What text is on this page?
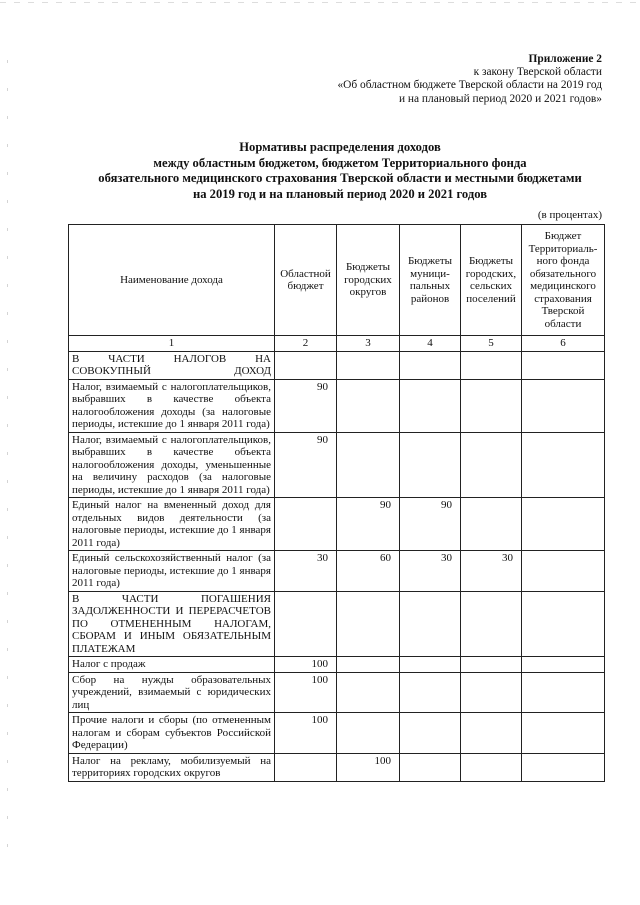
Приложение 2
к закону Тверской области
«Об областном бюджете Тверской области на 2019 год
и на плановый период 2020 и 2021 годов»
Нормативы распределения доходов
между областным бюджетом, бюджетом Территориального фонда
обязательного медицинского страхования Тверской области и местными бюджетами
на 2019 год и на плановый период 2020 и 2021 годов
(в процентах)
Наименование дохода	Областной бюджет	Бюджеты городских округов	Бюджеты муници-пальных районов	Бюджеты городских, сельских поселений	Бюджет Территориаль-ного фонда обязательного медицинского страхования Тверской области
1	2	3	4	5	6
В ЧАСТИ НАЛОГОВ НА СОВОКУПНЫЙ ДОХОД					
Налог, взимаемый с налогоплательщиков, выбравших в качестве объекта налогообложения доходы (за налоговые периоды, истекшие до 1 января 2011 года)	90				
Налог, взимаемый с налогоплательщиков, выбравших в качестве объекта налогообложения доходы, уменьшенные на величину расходов (за налоговые периоды, истекшие до 1 января 2011 года)	90				
Единый налог на вмененный доход для отдельных видов деятельности (за налоговые периоды, истекшие до 1 января 2011 года)		90	90		
Единый сельскохозяйственный налог (за налоговые периоды, истекшие до 1 января 2011 года)	30	60	30	30	
В ЧАСТИ ПОГАШЕНИЯ ЗАДОЛЖЕННОСТИ И ПЕРЕРАСЧЕТОВ ПО ОТМЕНЕННЫМ НАЛОГАМ, СБОРАМ И ИНЫМ ОБЯЗАТЕЛЬНЫМ ПЛАТЕЖАМ					
Налог с продаж	100				
Сбор на нужды образовательных учреждений, взимаемый с юридических лиц	100				
Прочие налоги и сборы (по отмененным налогам и сборам субъектов Российской Федерации)	100				
Налог на рекламу, мобилизуемый на территориях городских округов		100			
